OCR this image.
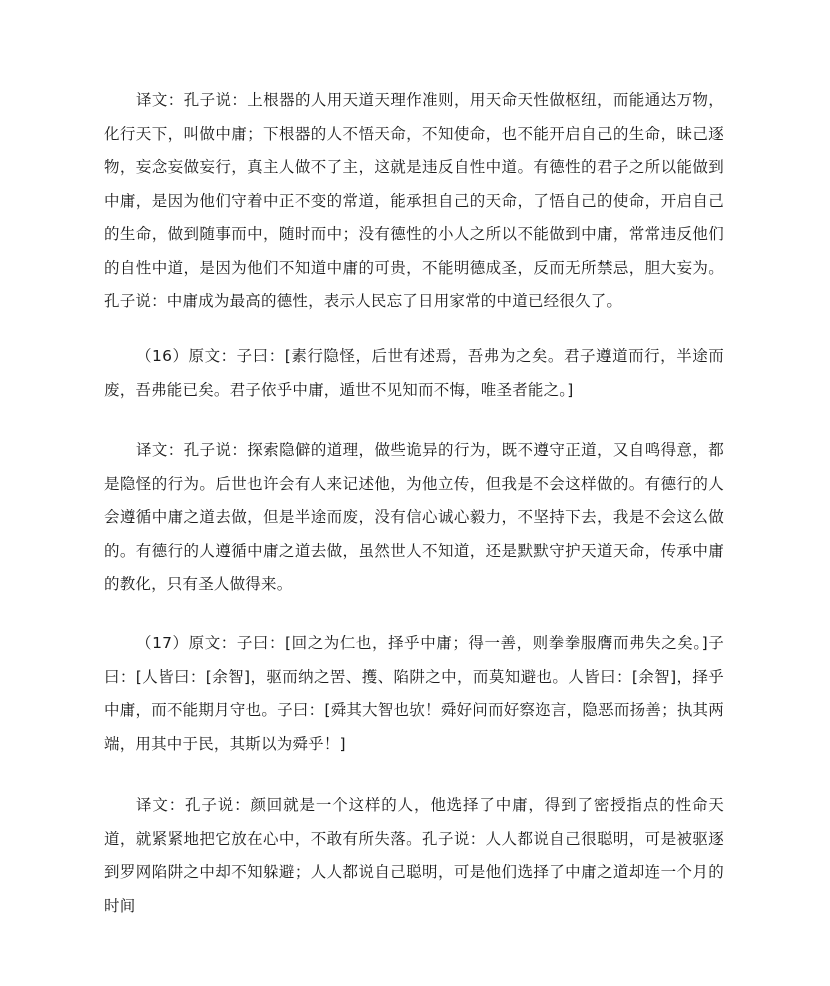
译文：孔子说：上根器的人用天道天理作准则，用天命天性做枢纽，而能通达万物，化行天下，叫做中庸；下根器的人不悟天命，不知使命，也不能开启自己的生命，昧己逐物，妄念妄做妄行，真主人做不了主，这就是违反自性中道。有德性的君子之所以能做到中庸，是因为他们守着中正不变的常道，能承担自己的天命，了悟自己的使命，开启自己的生命，做到随事而中，随时而中；没有德性的小人之所以不能做到中庸，常常违反他们的自性中道，是因为他们不知道中庸的可贵，不能明德成圣，反而无所禁忌，胆大妄为。孔子说：中庸成为最高的德性，表示人民忘了日用家常的中道已经很久了。

（16）原文：子曰：[素行隐怪，后世有述焉，吾弗为之矣。君子遵道而行，半途而废，吾弗能已矣。君子依乎中庸，遁世不见知而不悔，唯圣者能之。]

译文：孔子说：探索隐僻的道理，做些诡异的行为，既不遵守正道，又自鸣得意，都是隐怪的行为。后世也许会有人来记述他，为他立传，但我是不会这样做的。有德行的人会遵循中庸之道去做，但是半途而废，没有信心诚心毅力，不坚持下去，我是不会这么做的。有德行的人遵循中庸之道去做，虽然世人不知道，还是默默守护天道天命，传承中庸的教化，只有圣人做得来。

（17）原文：子曰：[回之为仁也，择乎中庸；得一善，则拳拳服膺而弗失之矣。]子曰：[人皆曰：[余智]，驱而纳之罟、擭、陷阱之中，而莫知避也。人皆曰：[余智]，择乎中庸，而不能期月守也。子曰：[舜其大智也欤！舜好问而好察迩言，隐恶而扬善；执其两端，用其中于民，其斯以为舜乎！]

译文：孔子说：颜回就是一个这样的人，他选择了中庸，得到了密授指点的性命天道，就紧紧地把它放在心中，不敢有所失落。孔子说：人人都说自己很聪明，可是被驱逐到罗网陷阱之中却不知躲避；人人都说自己聪明，可是他们选择了中庸之道却连一个月的时间
